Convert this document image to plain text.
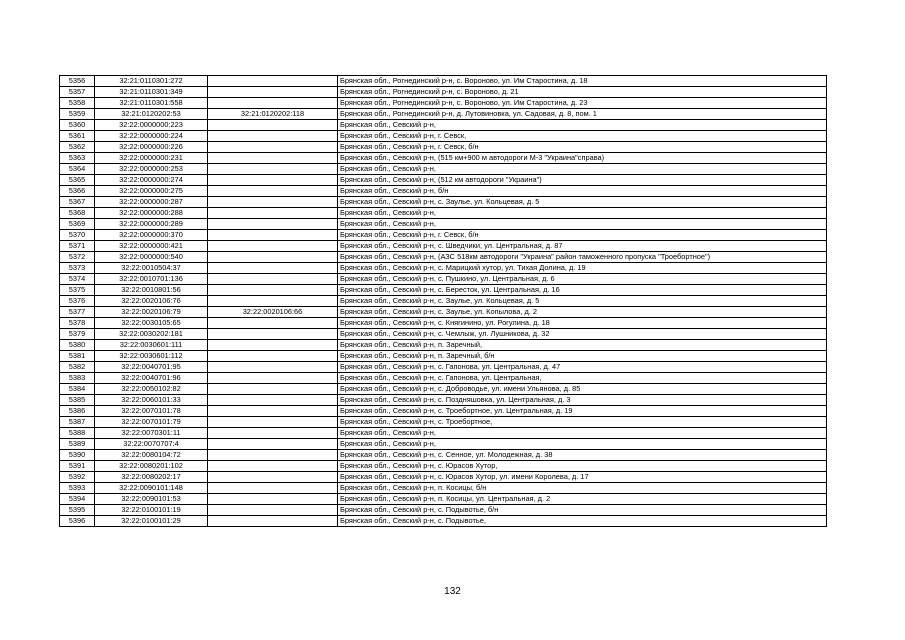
5356	32:21:0110301:272		Брянская обл., Рогнединский р-н, с. Вороново, ул. Им Старостина, д. 18
5357	32:21:0110301:349		Брянская обл., Рогнединский р-н, с. Вороново, д. 21
5358	32:21:0110301:558		Брянская обл., Рогнединский р-н, с. Вороново, ул. Им Старостина, д. 23
5359	32:21:0120202:53	32:21:0120202:118	Брянская обл., Рогнединский р-н, д. Лутовиновка, ул. Садовая, д. 8, пом. 1
5360	32:22:0000000:223		Брянская обл., Севский р-н,
5361	32:22:0000000:224		Брянская обл., Севский р-н, г. Севск,
5362	32:22:0000000:226		Брянская обл., Севский р-н, г. Севск, б/н
5363	32:22:0000000:231		Брянская обл., Севский р-н, (515 км+900 м автодороги М-3 "Украина"справа)
5364	32:22:0000000:253		Брянская обл., Севский р-н,
5365	32:22:0000000:274		Брянская обл., Севский р-н, (512 км автодороги "Украина")
5366	32:22:0000000:275		Брянская обл., Севский р-н, б/н
5367	32:22:0000000:287		Брянская обл., Севский р-н, с. Заулье, ул. Кольцевая, д. 5
5368	32:22:0000000:288		Брянская обл., Севский р-н,
5369	32:22:0000000:289		Брянская обл., Севский р-н,
5370	32:22:0000000:370		Брянская обл., Севский р-н, г. Севск, б/н
5371	32:22:0000000:421		Брянская обл., Севский р-н, с. Шведчики, ул. Центральная, д. 87
5372	32:22:0000000:540		Брянская обл., Севский р-н, (АЗС 518км автодороги "Украина" район таможенного пропуска "Троебортное")
5373	32:22:0010504:37		Брянская обл., Севский р-н, с. Марицкий хутор, ул. Тихая Долина, д. 19
5374	32:22:0010701:136		Брянская обл., Севский р-н, с. Пушкино, ул. Центральная, д. 6
5375	32:22:0010801:56		Брянская обл., Севский р-н, с. Береcток, ул. Центральная, д. 16
5376	32:22:0020106:76		Брянская обл., Севский р-н, с. Заулье, ул. Кольцевая, д. 5
5377	32:22:0020106:79	32:22:0020106:66	Брянская обл., Севский р-н, с. Заулье, ул. Копылова, д. 2
5378	32:22:0030105:65		Брянская обл., Севский р-н, с. Княгинино, ул. Рогулина, д. 18
5379	32:22:0030202:181		Брянская обл., Севский р-н, с. Чемлыж, ул. Лушникова, д. 32
5380	32:22:0030601:111		Брянская обл., Севский р-н, п. Заречный,
5381	32:22:0030601:112		Брянская обл., Севский р-н, п. Заречный, б/н
5382	32:22:0040701:95		Брянская обл., Севский р-н, с. Гапонова, ул. Центральная, д. 47
5383	32:22:0040701:96		Брянская обл., Севский р-н, с. Гапонова, ул. Центральная,
5384	32:22:0050102:82		Брянская обл., Севский р-н, с. Доброводье, ул. имени Ульянова, д. 85
5385	32:22:0060101:33		Брянская обл., Севский р-н, с. Поздняшовка, ул. Центральная, д. 3
5386	32:22:0070101:78		Брянская обл., Севский р-н, с. Троебортное, ул. Центральная, д. 19
5387	32:22:0070101:79		Брянская обл., Севский р-н, с. Троебортное,
5388	32:22:0070301:11		Брянская обл., Севский р-н,
5389	32:22:0070707:4		Брянская обл., Севский р-н,
5390	32:22:0080104:72		Брянская обл., Севский р-н, с. Сенное, ул. Молодежная, д. 38
5391	32:22:0080201:102		Брянская обл., Севский р-н, с. Юрасов Хутор,
5392	32:22:0080202:17		Брянская обл., Севский р-н, с. Юрасов Хутор, ул. имени Королева, д. 17
5393	32:22:0090101:148		Брянская обл., Севский р-н, п. Косицы, б/н
5394	32:22:0090101:53		Брянская обл., Севский р-н, п. Косицы, ул. Центральная, д. 2
5395	32:22:0100101:19		Брянская обл., Севский р-н, с. Подывотье, б/н
5396	32:22:0100101:29		Брянская обл., Севский р-н, с. Подывотье,
132
